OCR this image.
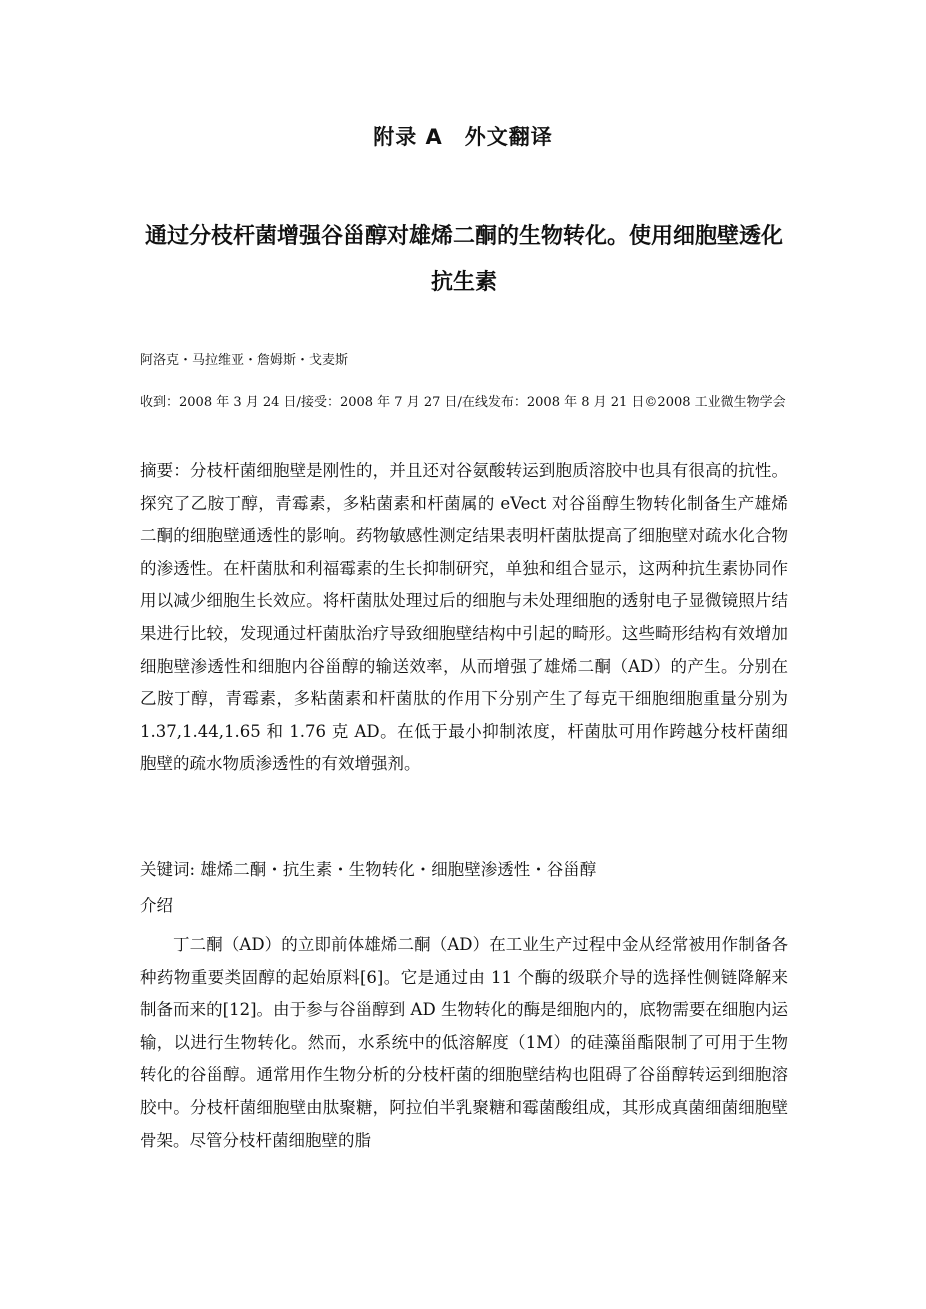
附录 A　外文翻译
通过分枝杆菌增强谷甾醇对雄烯二酮的生物转化。使用细胞壁透化抗生素
阿洛克・马拉维亚・詹姆斯・戈麦斯
收到：2008 年 3 月 24 日/接受：2008 年 7 月 27 日/在线发布：2008 年 8 月 21 日©2008 工业微生物学会
摘要：分枝杆菌细胞壁是刚性的，并且还对谷氨酸转运到胞质溶胶中也具有很高的抗性。探究了乙胺丁醇，青霉素，多粘菌素和杆菌属的 eVect 对谷甾醇生物转化制备生产雄烯二酮的细胞壁通透性的影响。药物敏感性测定结果表明杆菌肽提高了细胞壁对疏水化合物的渗透性。在杆菌肽和利福霉素的生长抑制研究，单独和组合显示，这两种抗生素协同作用以减少细胞生长效应。将杆菌肽处理过后的细胞与未处理细胞的透射电子显微镜照片结果进行比较，发现通过杆菌肽治疗导致细胞壁结构中引起的畸形。这些畸形结构有效增加细胞壁渗透性和细胞内谷甾醇的输送效率，从而增强了雄烯二酮（AD）的产生。分别在乙胺丁醇，青霉素，多粘菌素和杆菌肽的作用下分别产生了每克干细胞细胞重量分别为 1.37,1.44,1.65 和 1.76 克 AD。在低于最小抑制浓度，杆菌肽可用作跨越分枝杆菌细胞壁的疏水物质渗透性的有效增强剂。
关键词: 雄烯二酮・抗生素・生物转化・细胞壁渗透性・谷甾醇
介绍
丁二酮（AD）的立即前体雄烯二酮（AD）在工业生产过程中金从经常被用作制备各种药物重要类固醇的起始原料[6]。它是通过由 11 个酶的级联介导的选择性侧链降解来制备而来的[12]。由于参与谷甾醇到 AD 生物转化的酶是细胞内的，底物需要在细胞内运输，以进行生物转化。然而，水系统中的低溶解度（1M）的硅藻甾酯限制了可用于生物转化的谷甾醇。通常用作生物分析的分枝杆菌的细胞壁结构也阻碍了谷甾醇转运到细胞溶胶中。分枝杆菌细胞壁由肽聚糖，阿拉伯半乳聚糖和霉菌酸组成，其形成真菌细菌细胞壁骨架。尽管分枝杆菌细胞壁的脂
